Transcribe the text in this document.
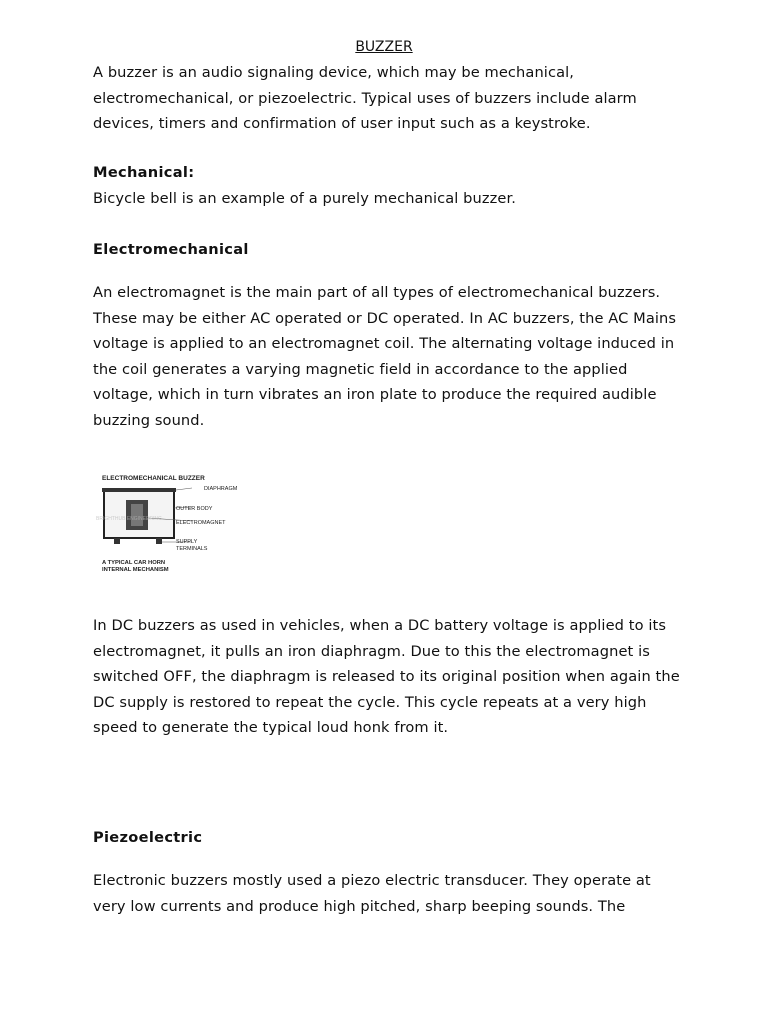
BUZZER

A buzzer is an audio signaling device, which may be mechanical, electromechanical, or piezoelectric. Typical uses of buzzers include alarm devices, timers and confirmation of user input such as a keystroke.

Mechanical:

Bicycle bell is an example of a purely mechanical buzzer.

Electromechanical

An electromagnet is the main part of all types of electromechanical buzzers. These may be either AC operated or DC operated. In AC buzzers, the AC Mains voltage is applied to an electromagnet coil. The alternating voltage induced in the coil generates a varying magnetic field in accordance to the applied voltage, which in turn vibrates an iron plate to produce the required audible buzzing sound.

ELECTROMECHANICAL BUZZER
DIAPHRAGM
OUTER BODY
ELECTROMAGNET
SUPPLY
TERMINALS
A TYPICAL CAR HORN
INTERNAL MECHANISM
BRIGHTHUB ENGINEERING

In DC buzzers as used in vehicles, when a DC battery voltage is applied to its electromagnet, it pulls an iron diaphragm. Due to this the electromagnet is switched OFF, the diaphragm is released to its original position when again the DC supply is restored to repeat the cycle. This cycle repeats at a very high speed to generate the typical loud honk from it.

Piezoelectric

Electronic buzzers mostly used a piezo electric transducer. They operate at very low currents and produce high pitched, sharp beeping sounds. The
